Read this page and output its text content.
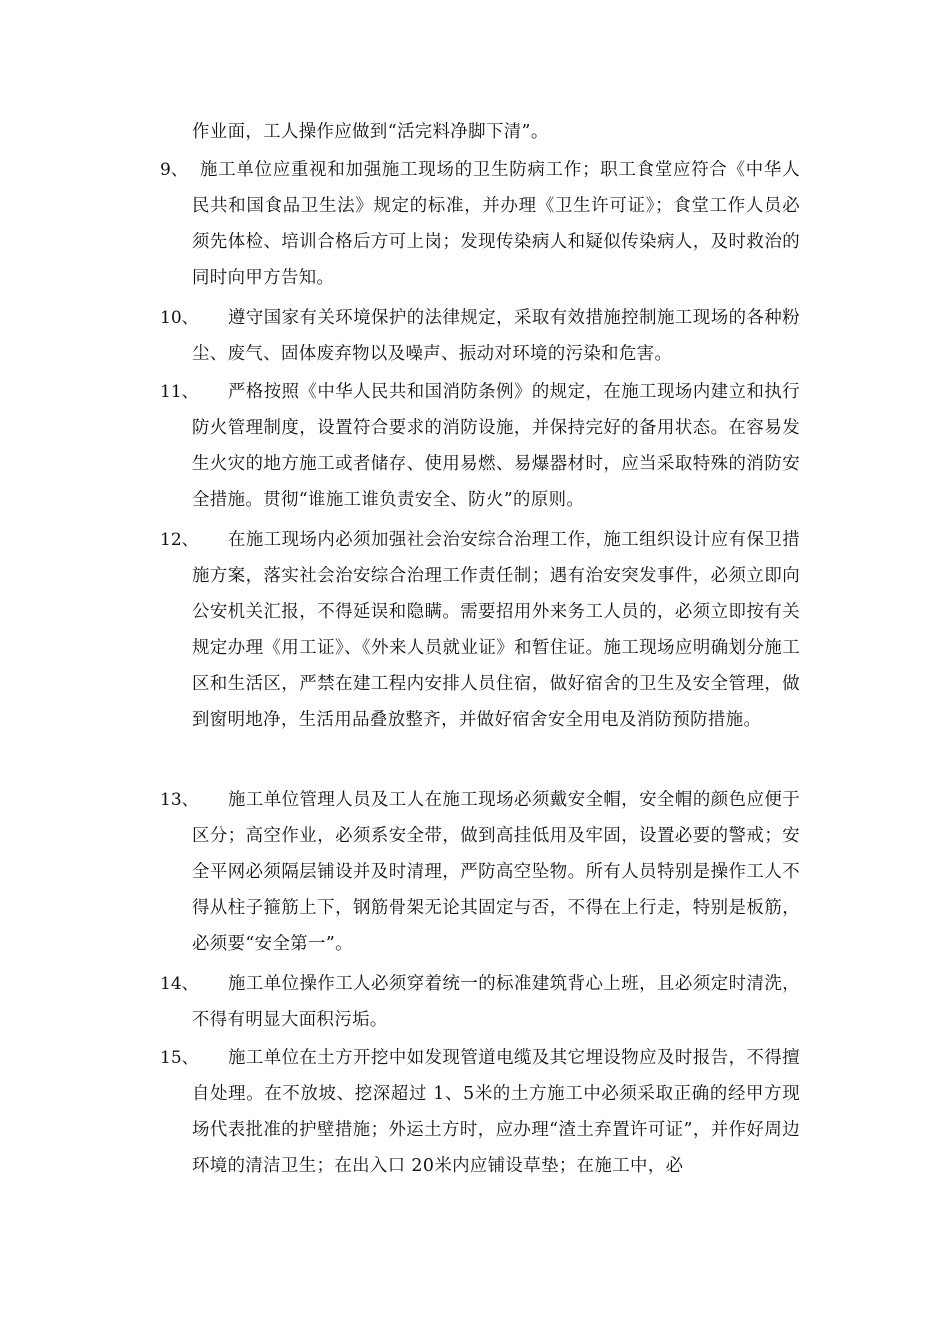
作业面，工人操作应做到“活完料净脚下清”。
9、 施工单位应重视和加强施工现场的卫生防病工作；职工食堂应符合《中华人民共和国食品卫生法》规定的标准，并办理《卫生许可证》；食堂工作人员必须先体检、培训合格后方可上岗；发现传染病人和疑似传染病人，及时救治的同时向甲方告知。
10、	遵守国家有关环境保护的法律规定，采取有效措施控制施工现场的各种粉尘、废气、固体废弃物以及噪声、振动对环境的污染和危害。
11、	严格按照《中华人民共和国消防条例》的规定，在施工现场内建立和执行防火管理制度，设置符合要求的消防设施，并保持完好的备用状态。在容易发生火灾的地方施工或者储存、使用易燃、易爆器材时，应当采取特殊的消防安全措施。贯彻“谁施工谁负责安全、防火”的原则。
12、	在施工现场内必须加强社会治安综合治理工作，施工组织设计应有保卫措施方案，落实社会治安综合治理工作责任制；遇有治安突发事件，必须立即向公安机关汇报，不得延误和隐瞒。需要招用外来务工人员的，必须立即按有关规定办理《用工证》、《外来人员就业证》和暂住证。施工现场应明确划分施工区和生活区，严禁在建工程内安排人员住宿，做好宿舍的卫生及安全管理，做到窗明地净，生活用品叠放整齐，并做好宿舍安全用电及消防预防措施。
13、	施工单位管理人员及工人在施工现场必须戴安全帽，安全帽的颜色应便于区分；高空作业，必须系安全带，做到高挂低用及牢固，设置必要的警戒；安全平网必须隔层铺设并及时清理，严防高空坠物。所有人员特别是操作工人不得从柱子箍筋上下，钢筋骨架无论其固定与否，不得在上行走，特别是板筋，必须要“安全第一”。
14、	施工单位操作工人必须穿着统一的标准建筑背心上班，且必须定时清洗，不得有明显大面积污垢。
15、	施工单位在土方开挖中如发现管道电缆及其它埋设物应及时报告，不得擅自处理。在不放坡、挖深超过 1、5米的土方施工中必须采取正确的经甲方现场代表批准的护壁措施；外运土方时，应办理“渣土弃置许可证”，并作好周边环境的清洁卫生；在出入口 20米内应铺设草垫；在施工中，必
